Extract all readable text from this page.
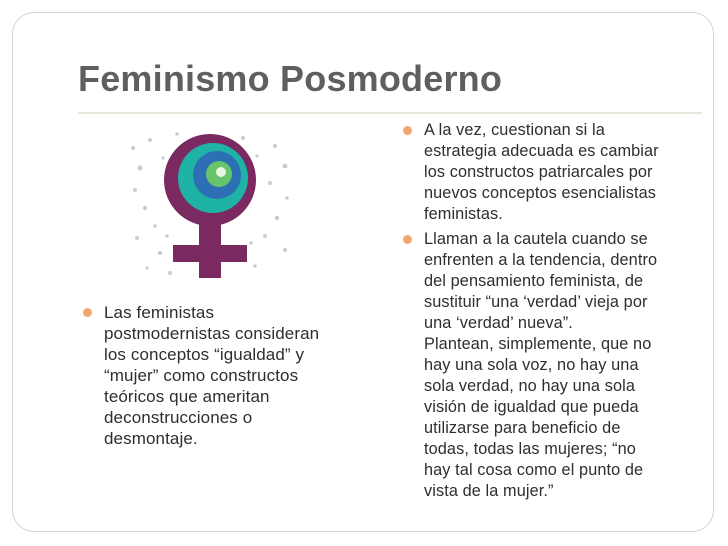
Feminismo Posmoderno
Las feministas
postmodernistas consideran
los conceptos “igualdad” y
“mujer” como constructos
teóricos que ameritan
deconstrucciones o
desmontaje.
A la vez, cuestionan si la
estrategia adecuada es cambiar
los constructos patriarcales por
nuevos conceptos esencialistas
feministas.
Llaman a la cautela cuando se
enfrenten a la tendencia, dentro
del pensamiento feminista, de
sustituir “una ‘verdad’ vieja por
una ‘verdad’ nueva”.
Plantean, simplemente, que no
hay una sola voz, no hay una
sola verdad, no hay una sola
visión de igualdad que pueda
utilizarse para beneficio de
todas, todas las mujeres; “no
hay tal cosa como el punto de
vista de la mujer.”
